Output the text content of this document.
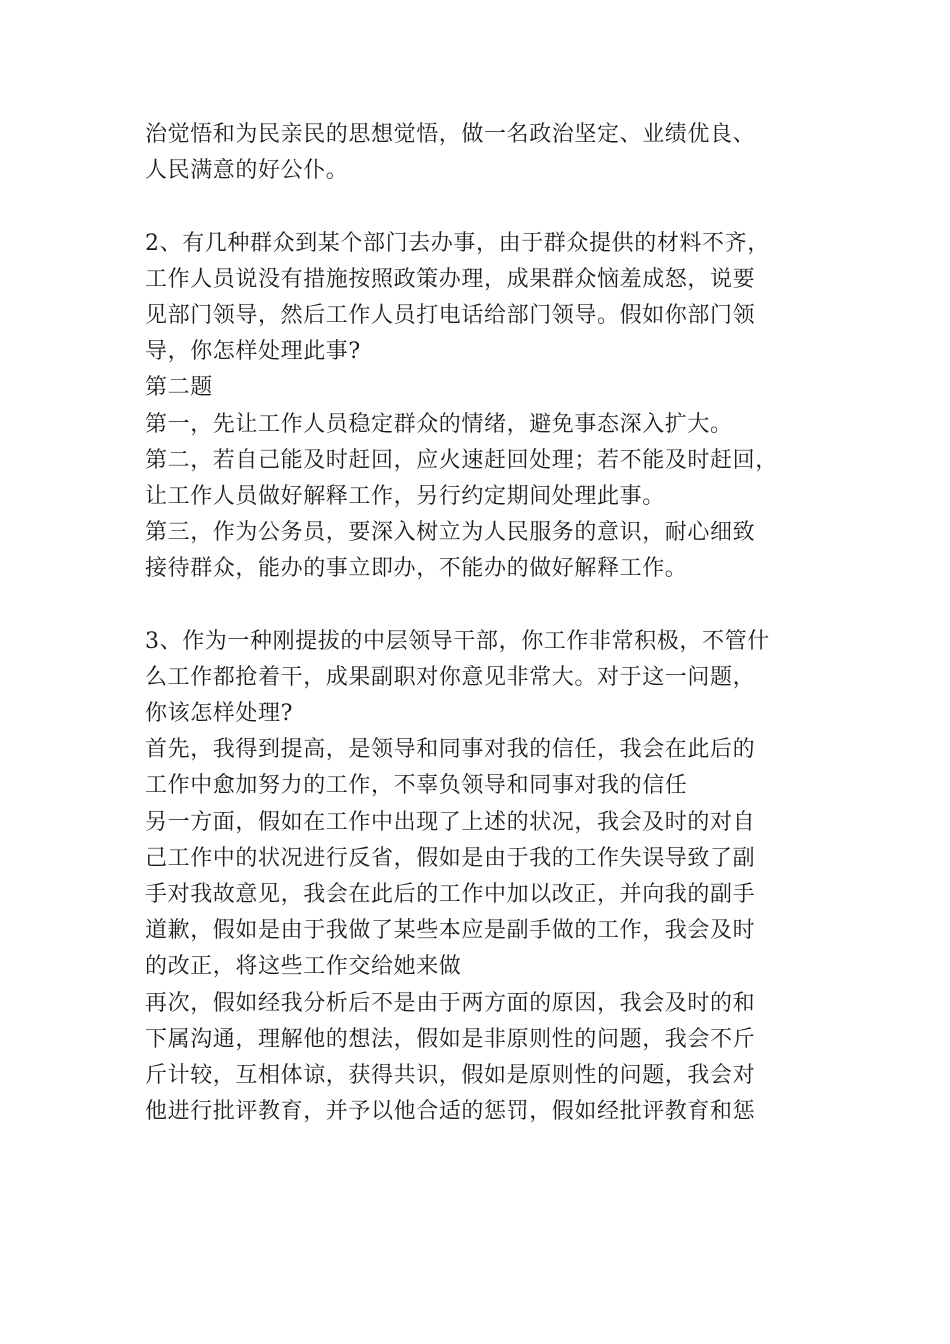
治觉悟和为民亲民的思想觉悟，做一名政治坚定、业绩优良、
人民满意的好公仆。
2、有几种群众到某个部门去办事，由于群众提供的材料不齐，
工作人员说没有措施按照政策办理，成果群众恼羞成怒，说要
见部门领导，然后工作人员打电话给部门领导。假如你部门领
导，你怎样处理此事?
第二题
第一，先让工作人员稳定群众的情绪，避免事态深入扩大。
第二，若自己能及时赶回，应火速赶回处理；若不能及时赶回，
让工作人员做好解释工作，另行约定期间处理此事。
第三，作为公务员，要深入树立为人民服务的意识，耐心细致
接待群众，能办的事立即办，不能办的做好解释工作。
3、作为一种刚提拔的中层领导干部，你工作非常积极，不管什
么工作都抢着干，成果副职对你意见非常大。对于这一问题，
你该怎样处理?
首先，我得到提高，是领导和同事对我的信任，我会在此后的
工作中愈加努力的工作，不辜负领导和同事对我的信任
另一方面，假如在工作中出现了上述的状况，我会及时的对自
己工作中的状况进行反省，假如是由于我的工作失误导致了副
手对我故意见，我会在此后的工作中加以改正，并向我的副手
道歉，假如是由于我做了某些本应是副手做的工作，我会及时
的改正，将这些工作交给她来做
再次，假如经我分析后不是由于两方面的原因，我会及时的和
下属沟通，理解他的想法，假如是非原则性的问题，我会不斤
斤计较，互相体谅，获得共识，假如是原则性的问题，我会对
他进行批评教育，并予以他合适的惩罚，假如经批评教育和惩
